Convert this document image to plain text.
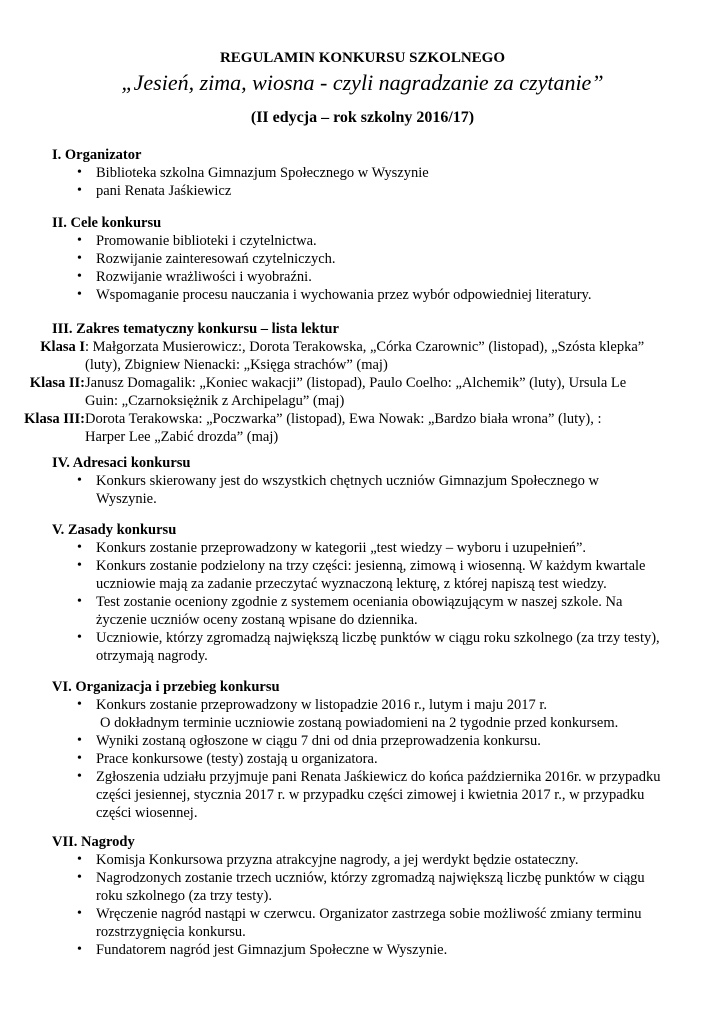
REGULAMIN KONKURSU SZKOLNEGO
„Jesień, zima, wiosna - czyli nagradzanie za czytanie”
(II edycja – rok szkolny 2016/17)
I. Organizator
• Biblioteka szkolna Gimnazjum Społecznego w Wyszynie
• pani Renata Jaśkiewicz
II. Cele konkursu
• Promowanie biblioteki i czytelnictwa.
• Rozwijanie zainteresowań czytelniczych.
• Rozwijanie wrażliwości i wyobraźni.
• Wspomaganie procesu nauczania i wychowania przez wybór odpowiedniej literatury.
III. Zakres tematyczny konkursu – lista lektur
Klasa I : Małgorzata Musierowicz:, Dorota Terakowska, „Córka Czarownic” (listopad), „Szósta klepka”
(luty), Zbigniew Nienacki: „Księga strachów” (maj)
Klasa II: Janusz Domagalik: „Koniec wakacji” (listopad), Paulo Coelho: „Alchemik” (luty), Ursula Le
Guin: „Czarnoksiężnik z Archipelagu” (maj)
Klasa III: Dorota Terakowska: „Poczwarka” (listopad), Ewa Nowak: „Bardzo biała wrona” (luty), :
Harper Lee „Zabić drozda” (maj)
IV. Adresaci konkursu
• Konkurs skierowany jest do wszystkich chętnych uczniów Gimnazjum Społecznego w
Wyszynie.
V. Zasady konkursu
• Konkurs zostanie przeprowadzony w kategorii „test wiedzy – wyboru i uzupełnień”.
• Konkurs zostanie podzielony na trzy części: jesienną, zimową i wiosenną. W każdym kwartale
uczniowie mają za zadanie przeczytać wyznaczoną lekturę, z której napiszą test wiedzy.
• Test zostanie oceniony zgodnie z systemem oceniania obowiązującym w naszej szkole. Na
życzenie uczniów oceny zostaną wpisane do dziennika.
• Uczniowie, którzy zgromadzą największą liczbę punktów w ciągu roku szkolnego (za trzy testy),
otrzymają nagrody.
VI. Organizacja i przebieg konkursu
• Konkurs zostanie przeprowadzony w listopadzie 2016 r., lutym i maju 2017 r.
O dokładnym terminie uczniowie zostaną powiadomieni na 2 tygodnie przed konkursem.
• Wyniki zostaną ogłoszone w ciągu 7 dni od dnia przeprowadzenia konkursu.
• Prace konkursowe (testy) zostają u organizatora.
• Zgłoszenia udziału przyjmuje pani Renata Jaśkiewicz do końca października 2016r. w przypadku
części jesiennej, stycznia 2017 r. w przypadku części zimowej i kwietnia 2017 r., w przypadku
części wiosennej.
VII. Nagrody
• Komisja Konkursowa przyzna atrakcyjne nagrody, a jej werdykt będzie ostateczny.
• Nagrodzonych zostanie trzech uczniów, którzy zgromadzą największą liczbę punktów w ciągu
roku szkolnego (za trzy testy).
• Wręczenie nagród nastąpi w czerwcu. Organizator zastrzega sobie możliwość zmiany terminu
rozstrzygnięcia konkursu.
• Fundatorem nagród jest Gimnazjum Społeczne w Wyszynie.
